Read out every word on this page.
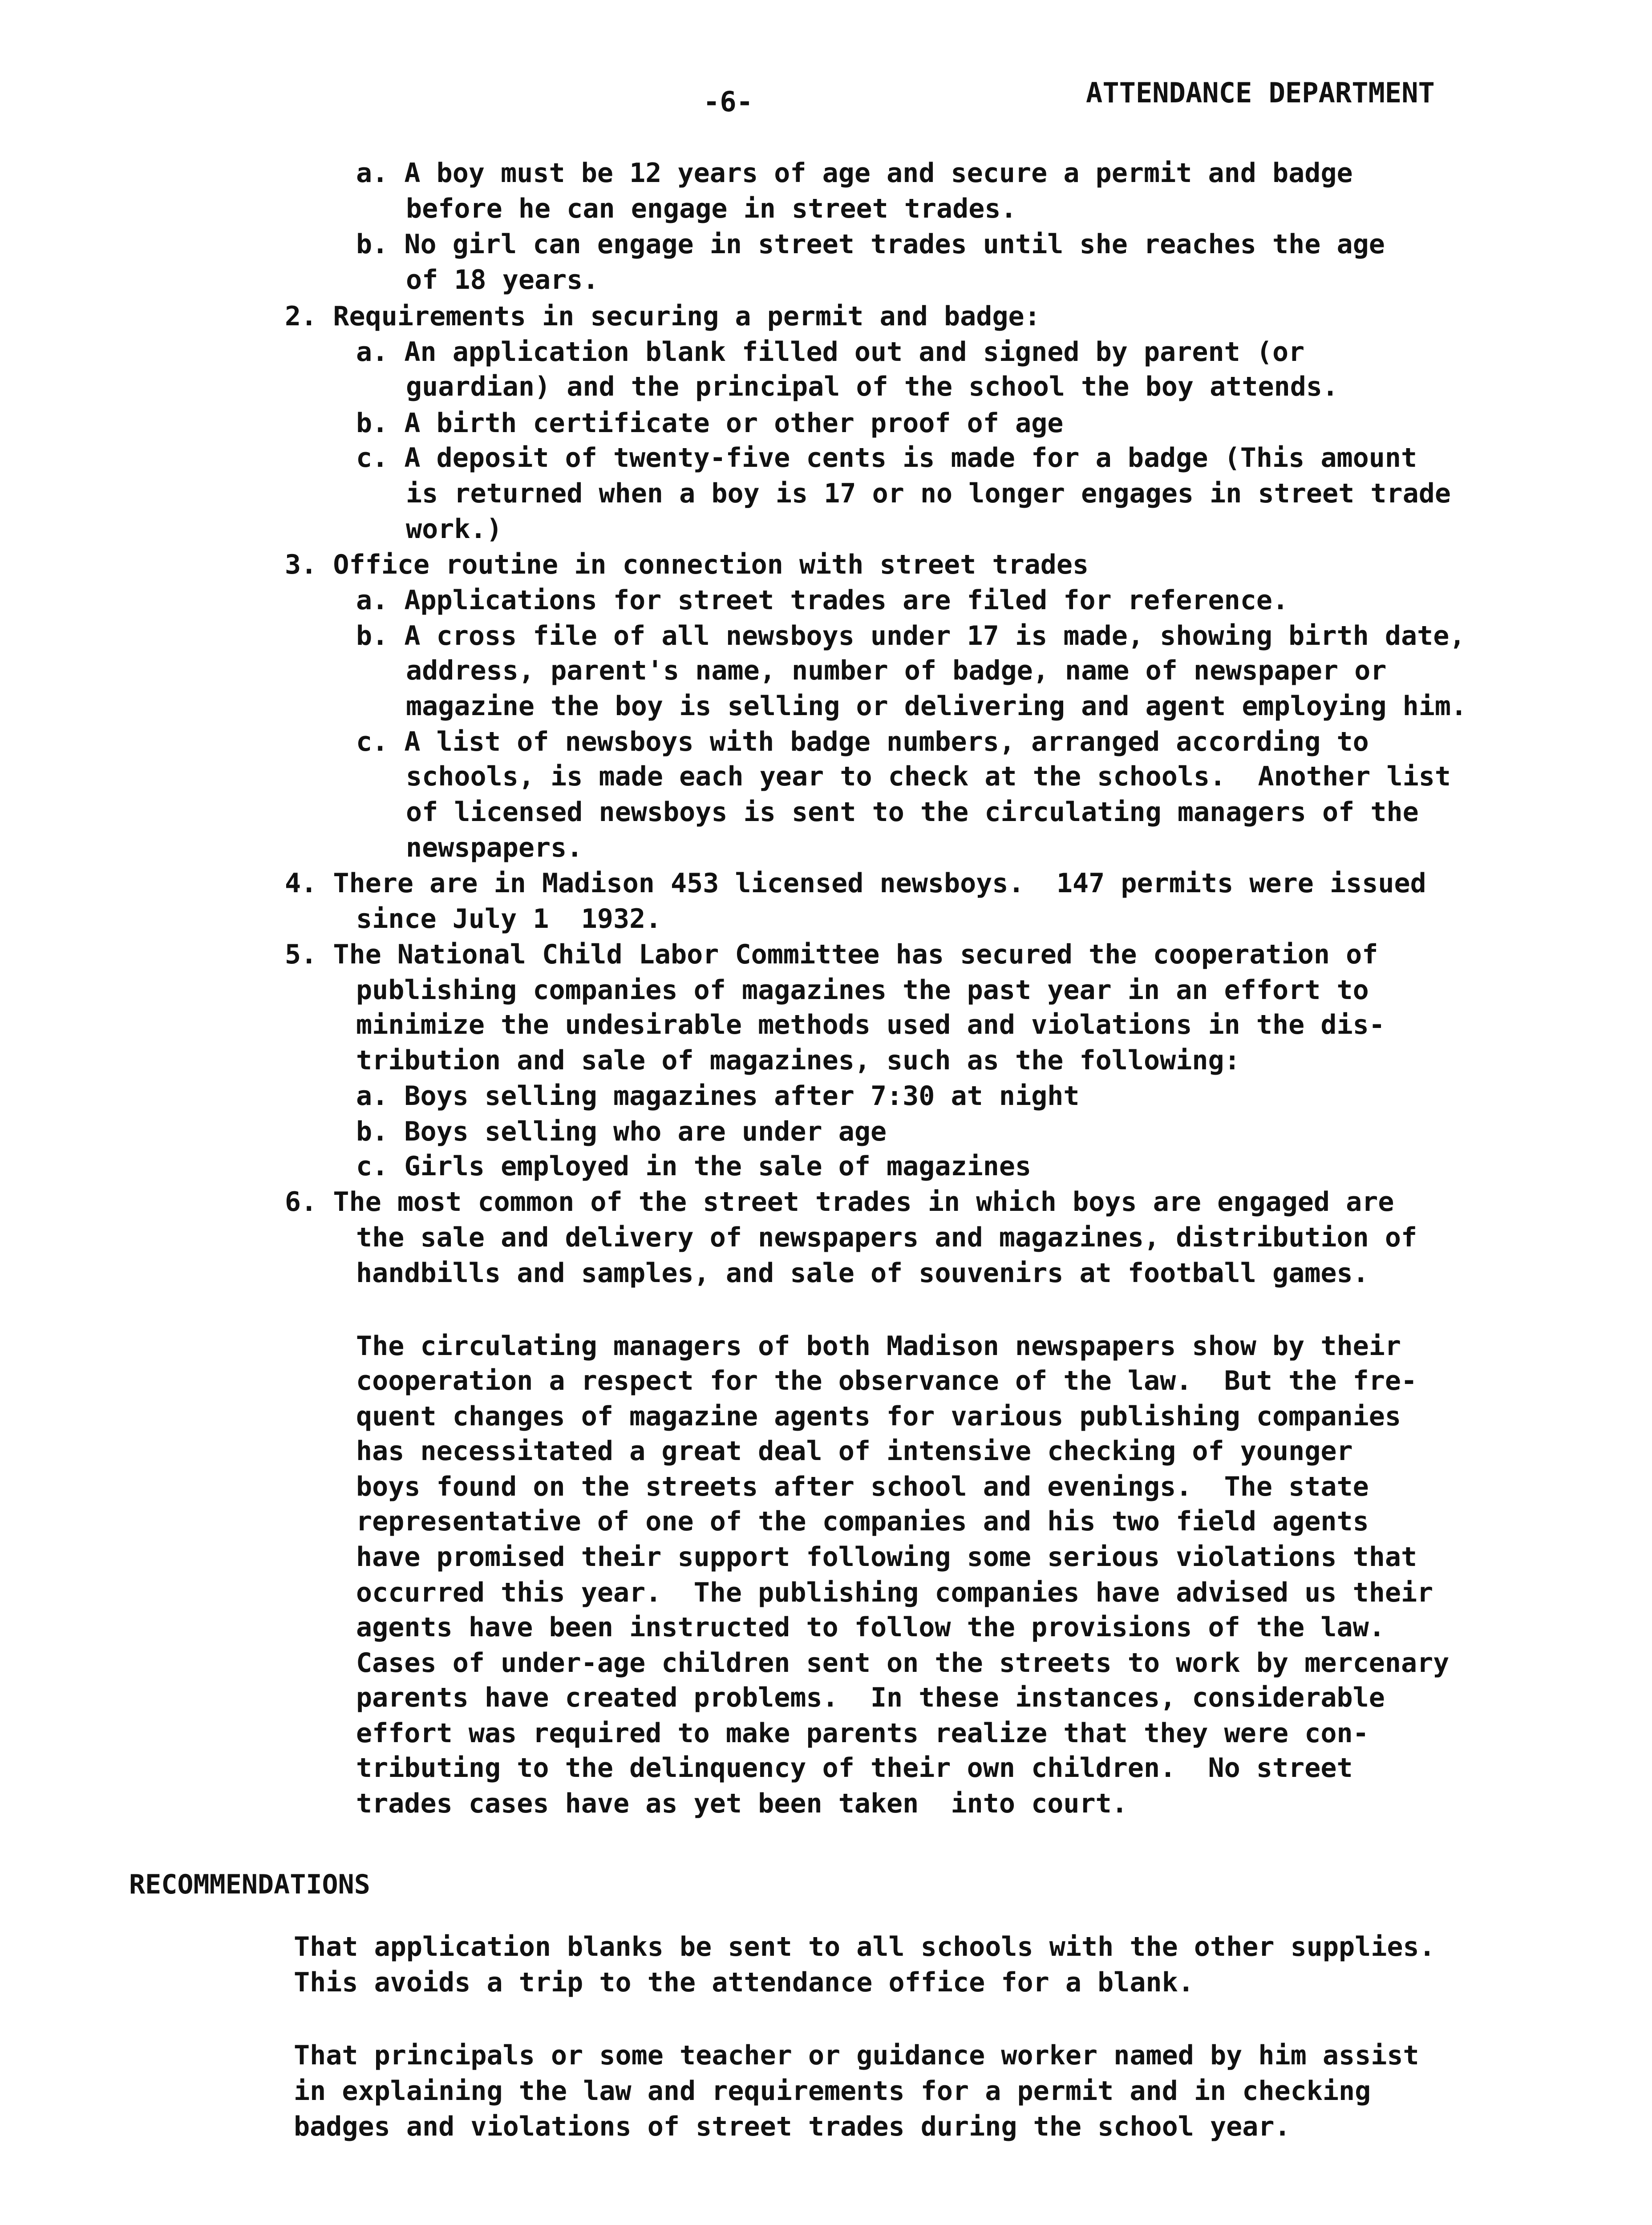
-6-	ATTENDANCE DEPARTMENT
a. A boy must be 12 years of age and secure a permit and badge
before he can engage in street trades.
b. No girl can engage in street trades until she reaches the age
of 18 years.
2. Requirements in securing a permit and badge:
a. An application blank filled out and signed by parent (or
guardian) and the principal of the school the boy attends.
b. A birth certificate or other proof of age
c. A deposit of twenty-five cents is made for a badge (This amount
is returned when a boy is 17 or no longer engages in street trade
work.)
3. Office routine in connection with street trades
a. Applications for street trades are filed for reference.
b. A cross file of all newsboys under 17 is made, showing birth date,
address, parent's name, number of badge, name of newspaper or
magazine the boy is selling or delivering and agent employing him.
c. A list of newsboys with badge numbers, arranged according to
schools, is made each year to check at the schools.  Another list
of licensed newsboys is sent to the circulating managers of the
newspapers.
4. There are in Madison 453 licensed newsboys.  147 permits were issued
since July 1  1932.
5. The National Child Labor Committee has secured the cooperation of
publishing companies of magazines the past year in an effort to
minimize the undesirable methods used and violations in the dis-
tribution and sale of magazines, such as the following:
a. Boys selling magazines after 7:30 at night
b. Boys selling who are under age
c. Girls employed in the sale of magazines
6. The most common of the street trades in which boys are engaged are
the sale and delivery of newspapers and magazines, distribution of
handbills and samples, and sale of souvenirs at football games.
The circulating managers of both Madison newspapers show by their
cooperation a respect for the observance of the law.  But the fre-
quent changes of magazine agents for various publishing companies
has necessitated a great deal of intensive checking of younger
boys found on the streets after school and evenings.  The state
representative of one of the companies and his two field agents
have promised their support following some serious violations that
occurred this year.  The publishing companies have advised us their
agents have been instructed to follow the provisions of the law.
Cases of under-age children sent on the streets to work by mercenary
parents have created problems.  In these instances, considerable
effort was required to make parents realize that they were con-
tributing to the delinquency of their own children.  No street
trades cases have as yet been taken  into court.
RECOMMENDATIONS
That application blanks be sent to all schools with the other supplies.
This avoids a trip to the attendance office for a blank.
That principals or some teacher or guidance worker named by him assist
in explaining the law and requirements for a permit and in checking
badges and violations of street trades during the school year.
